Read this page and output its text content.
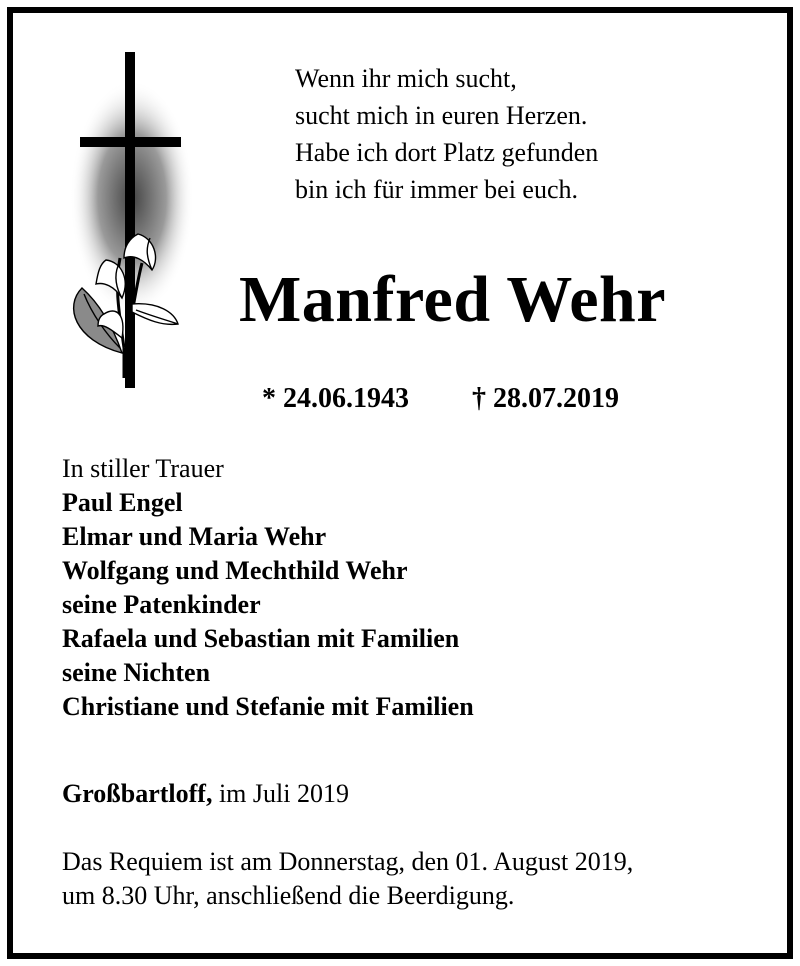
Wenn ihr mich sucht,
sucht mich in euren Herzen.
Habe ich dort Platz gefunden
bin ich für immer bei euch.
Manfred Wehr
* 24.06.1943 † 28.07.2019
In stiller Trauer
Paul Engel
Elmar und Maria Wehr
Wolfgang und Mechthild Wehr
seine Patenkinder
Rafaela und Sebastian mit Familien
seine Nichten
Christiane und Stefanie mit Familien
Großbartloff, im Juli 2019
Das Requiem ist am Donnerstag, den 01. August 2019,
um 8.30 Uhr, anschließend die Beerdigung.
